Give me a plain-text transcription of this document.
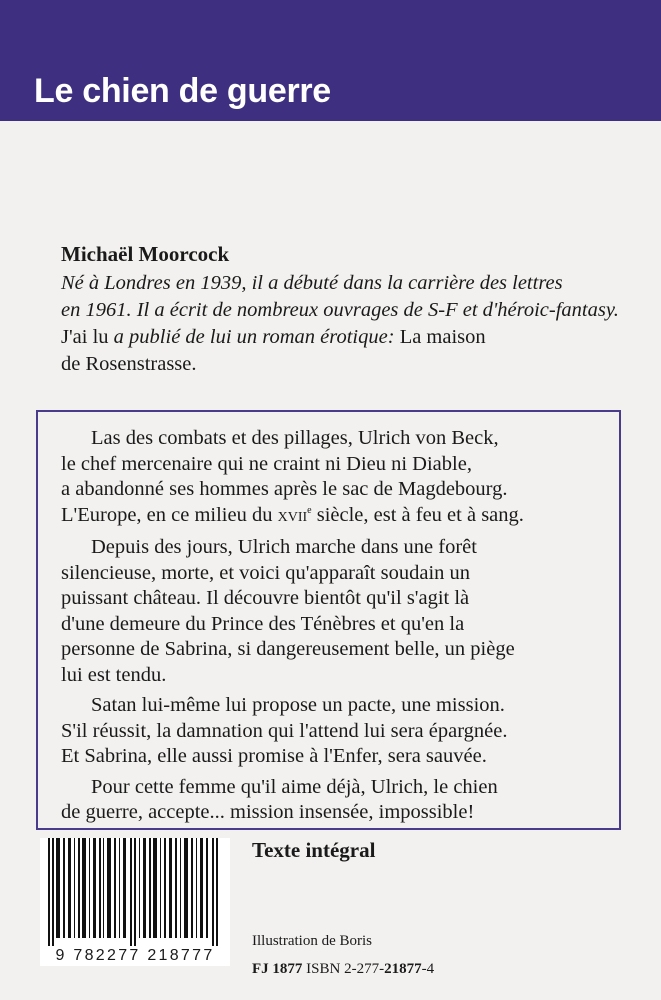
Le chien de guerre
Michaël Moorcock
Né à Londres en 1939, il a débuté dans la carrière des lettres
en 1961. Il a écrit de nombreux ouvrages de S-F et d'héroic-fantasy.
J'ai lu a publié de lui un roman érotique: La maison
de Rosenstrasse.

Las des combats et des pillages, Ulrich von Beck,
le chef mercenaire qui ne craint ni Dieu ni Diable,
a abandonné ses hommes après le sac de Magdebourg.
L'Europe, en ce milieu du XVIIe siècle, est à feu et à sang.

Depuis des jours, Ulrich marche dans une forêt
silencieuse, morte, et voici qu'apparaît soudain un
puissant château. Il découvre bientôt qu'il s'agit là
d'une demeure du Prince des Ténèbres et qu'en la
personne de Sabrina, si dangereusement belle, un piège
lui est tendu.

Satan lui-même lui propose un pacte, une mission.
S'il réussit, la damnation qui l'attend lui sera épargnée.
Et Sabrina, elle aussi promise à l'Enfer, sera sauvée.

Pour cette femme qu'il aime déjà, Ulrich, le chien
de guerre, accepte... mission insensée, impossible!

9 782277 218777
Texte intégral
Illustration de Boris
FJ 1877 ISBN 2-277-21877-4
